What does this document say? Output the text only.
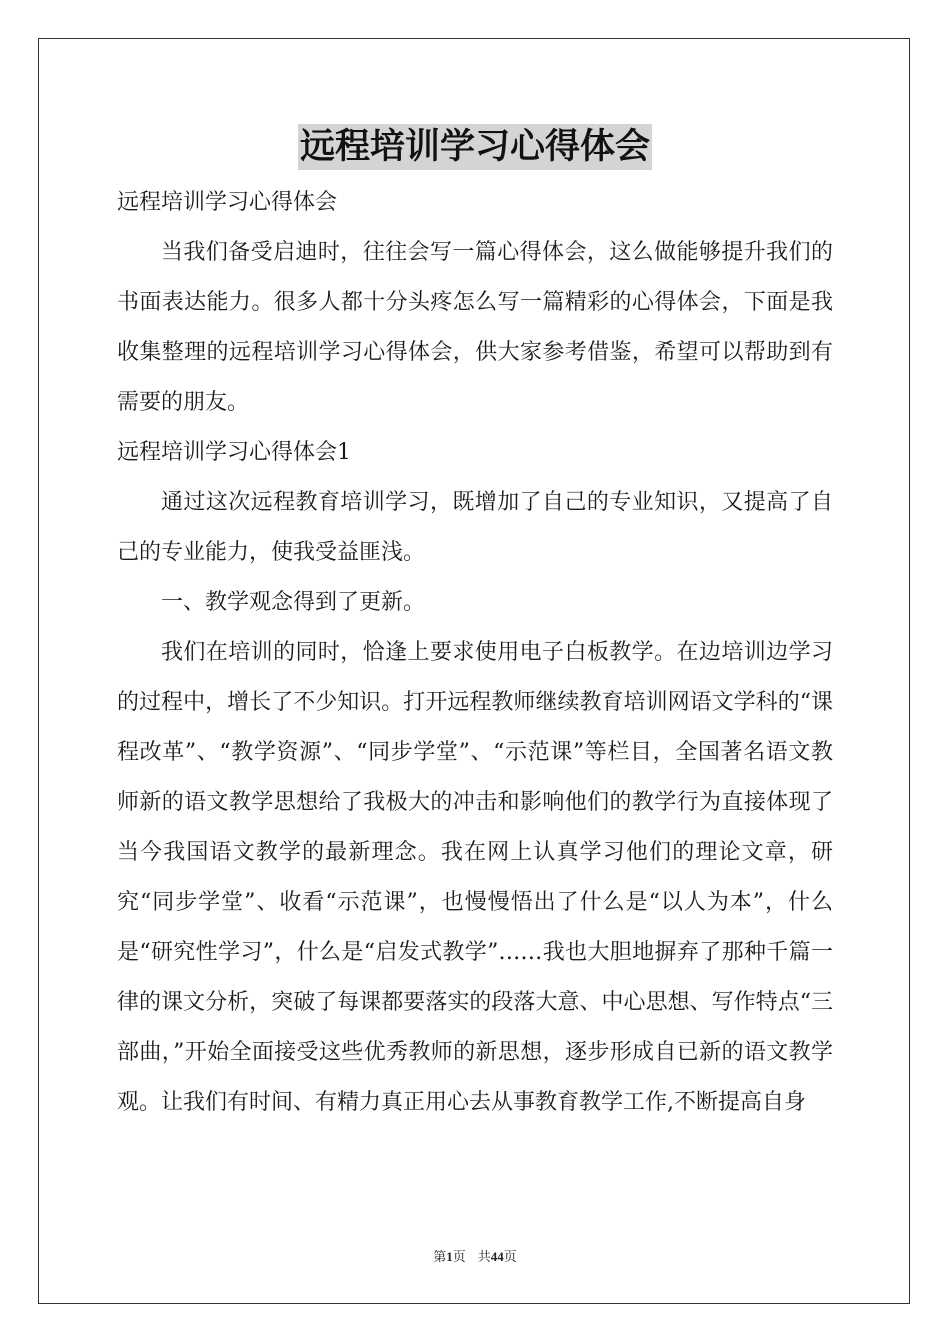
远程培训学习心得体会

远程培训学习心得体会

当我们备受启迪时，往往会写一篇心得体会，这么做能够提升我们的书面表达能力。很多人都十分头疼怎么写一篇精彩的心得体会，下面是我收集整理的远程培训学习心得体会，供大家参考借鉴，希望可以帮助到有需要的朋友。

远程培训学习心得体会1

通过这次远程教育培训学习，既增加了自己的专业知识，又提高了自己的专业能力，使我受益匪浅。

一、教学观念得到了更新。

我们在培训的同时，恰逢上要求使用电子白板教学。在边培训边学习的过程中，增长了不少知识。打开远程教师继续教育培训网语文学科的“课程改革”、“教学资源”、“同步学堂”、“示范课”等栏目，全国著名语文教师新的语文教学思想给了我极大的冲击和影响他们的教学行为直接体现了当今我国语文教学的最新理念。我在网上认真学习他们的理论文章，研究“同步学堂”、收看“示范课”，也慢慢悟出了什么是“以人为本”，什么是“研究性学习”，什么是“启发式教学”……我也大胆地摒弃了那种千篇一律的课文分析，突破了每课都要落实的段落大意、中心思想、写作特点“三部曲，”开始全面接受这些优秀教师的新思想，逐步形成自已新的语文教学观。让我们有时间、有精力真正用心去从事教育教学工作,不断提高自身

第1页 共44页
